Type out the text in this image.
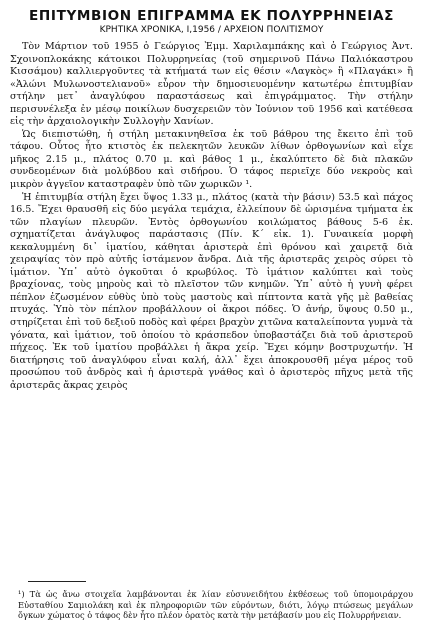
ΕΠΙΤΥΜΒΙΟΝ ΕΠΙΓΡΑΜΜΑ ΕΚ ΠΟΛΥΡΡΗΝΕΙΑΣ
ΚΡΗΤΙΚΑ ΧΡΟΝΙΚΑ, Ι,1956 / ΑΡΧΕΙΟΝ ΠΟΛΙΤΙΣΜΟΥ

Τὸν Μάρτιον τοῦ 1955 ὁ Γεώργιος Ἐμμ. Χαριλαμπάκης καὶ ὁ Γεώργιος Ἀντ. Σχοινοπλοκάκης κάτοικοι Πολυρρηνείας (τοῦ σημερινοῦ Πάνω Παλιόκαστρου Κισσάμου) καλλιεργοῦντες τὰ κτήματά των εἰς θέσιν «Λαγκὸς» ἢ «Πλαγάκι» ἢ «Ἁλώνι Μυλωνοστελιανοῦ» εὗρον τὴν δημοσιευομένην κατωτέρω ἐπιτυμβίαν στήλην μετ᾿ ἀναγλύφου παραστάσεως καὶ ἐπιγράμματος. Τὴν στήλην περισυνέλεξα ἐν μέσῳ ποικίλων δυσχερειῶν τὸν Ἰούνιον τοῦ 1956 καὶ κατέθεσα εἰς τὴν ἀρχαιολογικὴν Συλλογὴν Χανίων.

Ὡς διεπιστώθη, ἡ στήλη μετακινηθεῖσα ἐκ τοῦ βάθρου της ἔκειτο ἐπὶ τοῦ τάφου. Οὗτος ἦτο κτιστὸς ἐκ πελεκητῶν λευκῶν λίθων ὀρθογωνίων καὶ εἶχε μῆκος 2.15 μ., πλάτος 0.70 μ. καὶ βάθος 1 μ., ἐκαλύπτετο δὲ διὰ πλακῶν συνδεομένων διὰ μολύβδου καὶ σιδήρου. Ὁ τάφος περιεῖχε δύο νεκροὺς καὶ μικρὸν ἀγγεῖον καταστραφὲν ὑπὸ τῶν χωρικῶν ¹.

Ἡ ἐπιτυμβία στήλη ἔχει ὕψος 1.33 μ., πλάτος (κατὰ τὴν βάσιν) 53.5 καὶ πάχος 16.5. Ἔχει θραυσθῆ εἰς δύο μεγάλα τεμάχια, ἐλλείπουν δὲ ὡρισμένα τμήματα ἐκ τῶν πλαγίων πλευρῶν. Ἐντὸς ὀρθογωνίου κοιλώματος βάθους 5-6 ἑκ. σχηματίζεται ἀνάγλυφος παράστασις (Πίν. Κ´ εἰκ. 1). Γυναικεία μορφὴ κεκαλυμμένη δι᾿ ἱματίου, κάθηται ἀριστερὰ ἐπὶ θρόνου καὶ χαιρετᾷ διὰ χειραψίας τὸν πρὸ αὐτῆς ἱστάμενον ἄνδρα. Διὰ τῆς ἀριστερᾶς χειρὸς σύρει τὸ ἱμάτιον. Ὑπ᾿ αὐτὸ ὀγκοῦται ὁ κρωβύλος. Τὸ ἱμάτιον καλύπτει καὶ τοὺς βραχίονας, τοὺς μηροὺς καὶ τὸ πλεῖστον τῶν κνημῶν. Ὑπ᾿ αὐτὸ ἡ γυνὴ φέρει πέπλον ἐζωσμένον εὐθὺς ὑπὸ τοὺς μαστοὺς καὶ πίπτοντα κατὰ γῆς μὲ βαθείας πτυχάς. Ὑπὸ τὸν πέπλον προβάλλουν οἱ ἄκροι πόδες. Ὁ ἀνήρ, ὕψους 0.50 μ., στηρίζεται ἐπὶ τοῦ δεξιοῦ ποδὸς καὶ φέρει βραχὺν χιτῶνα καταλείποντα γυμνὰ τὰ γόνατα, καὶ ἱμάτιον, τοῦ ὁποίου τὸ κράσπεδον ὑποβαστάζει διὰ τοῦ ἀριστεροῦ πήχεος. Ἐκ τοῦ ἱματίου προβάλλει ἡ ἄκρα χείρ. Ἔχει κόμην βοστρυχωτήν. Ἡ διατήρησις τοῦ ἀναγλύφου εἶναι καλή, ἀλλ᾿ ἔχει ἀποκρουσθῆ μέγα μέρος τοῦ προσώπου τοῦ ἀνδρὸς καὶ ἡ ἀριστερὰ γνάθος καὶ ὁ ἀριστερὸς πῆχυς μετὰ τῆς ἀριστερᾶς ἄκρας χειρὸς

¹) Τὰ ὡς ἄνω στοιχεῖα λαμβάνονται ἐκ λίαν εὐσυνειδήτου ἐκθέσεως τοῦ ὑπομοιράρχου Εὐσταθίου Σαμιολάκη καὶ ἐκ πληροφοριῶν τῶν εὑρόντων, διότι, λόγῳ πτώσεως μεγάλων ὄγκων χώματος ὁ τάφος δὲν ἦτο πλέον ὁρατὸς κατὰ τὴν μετάβασίν μου εἰς Πολυρρήνειαν.
